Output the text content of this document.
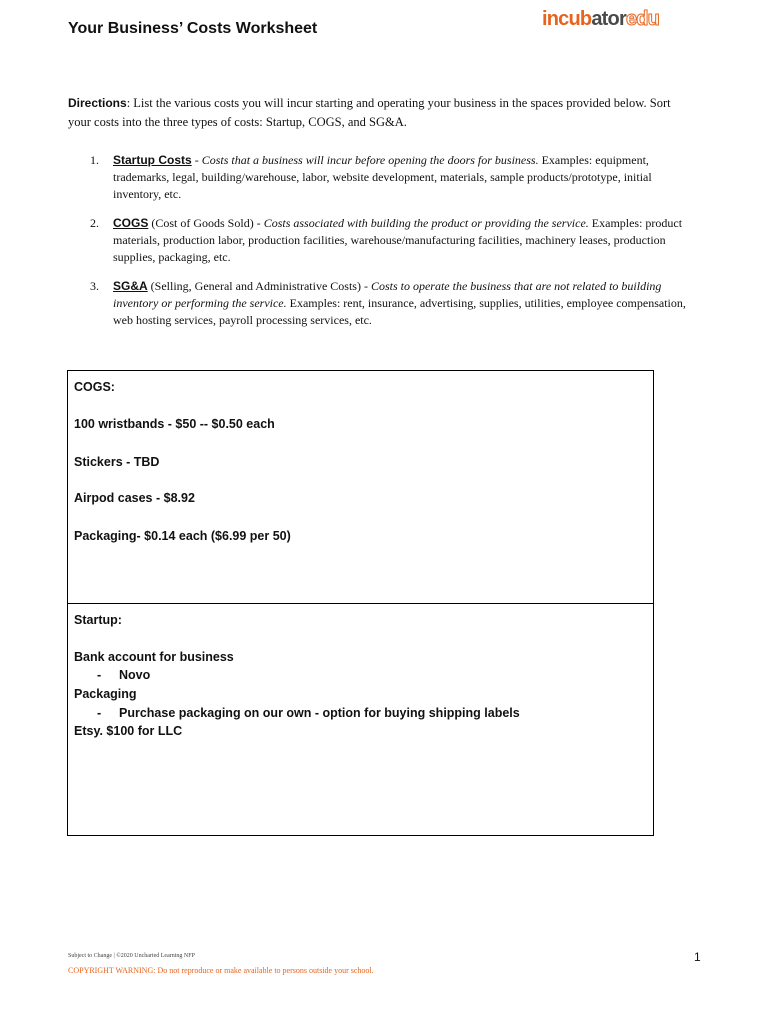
Your Business’ Costs Worksheet	incubatoredu
Directions: List the various costs you will incur starting and operating your business in the spaces provided below. Sort your costs into the three types of costs: Startup, COGS, and SG&A.
1.	Startup Costs - Costs that a business will incur before opening the doors for business. Examples: equipment, trademarks, legal, building/warehouse, labor, website development, materials, sample products/prototype, initial inventory, etc.
2.	COGS (Cost of Goods Sold) - Costs associated with building the product or providing the service. Examples: product materials, production labor, production facilities, warehouse/manufacturing facilities, machinery leases, production supplies, packaging, etc.
3.	SG&A (Selling, General and Administrative Costs) - Costs to operate the business that are not related to building inventory or performing the service. Examples: rent, insurance, advertising, supplies, utilities, employee compensation, web hosting services, payroll processing services, etc.
COGS:
100 wristbands - $50 -- $0.50 each
Stickers - TBD
Airpod cases - $8.92
Packaging- $0.14 each ($6.99 per 50)
Startup:
Bank account for business
- Novo
Packaging
- Purchase packaging on our own - option for buying shipping labels
Etsy. $100 for LLC
Subject to Change | ©2020 Uncharted Learning NFP
COPYRIGHT WARNING: Do not reproduce or make available to persons outside your school.
1
